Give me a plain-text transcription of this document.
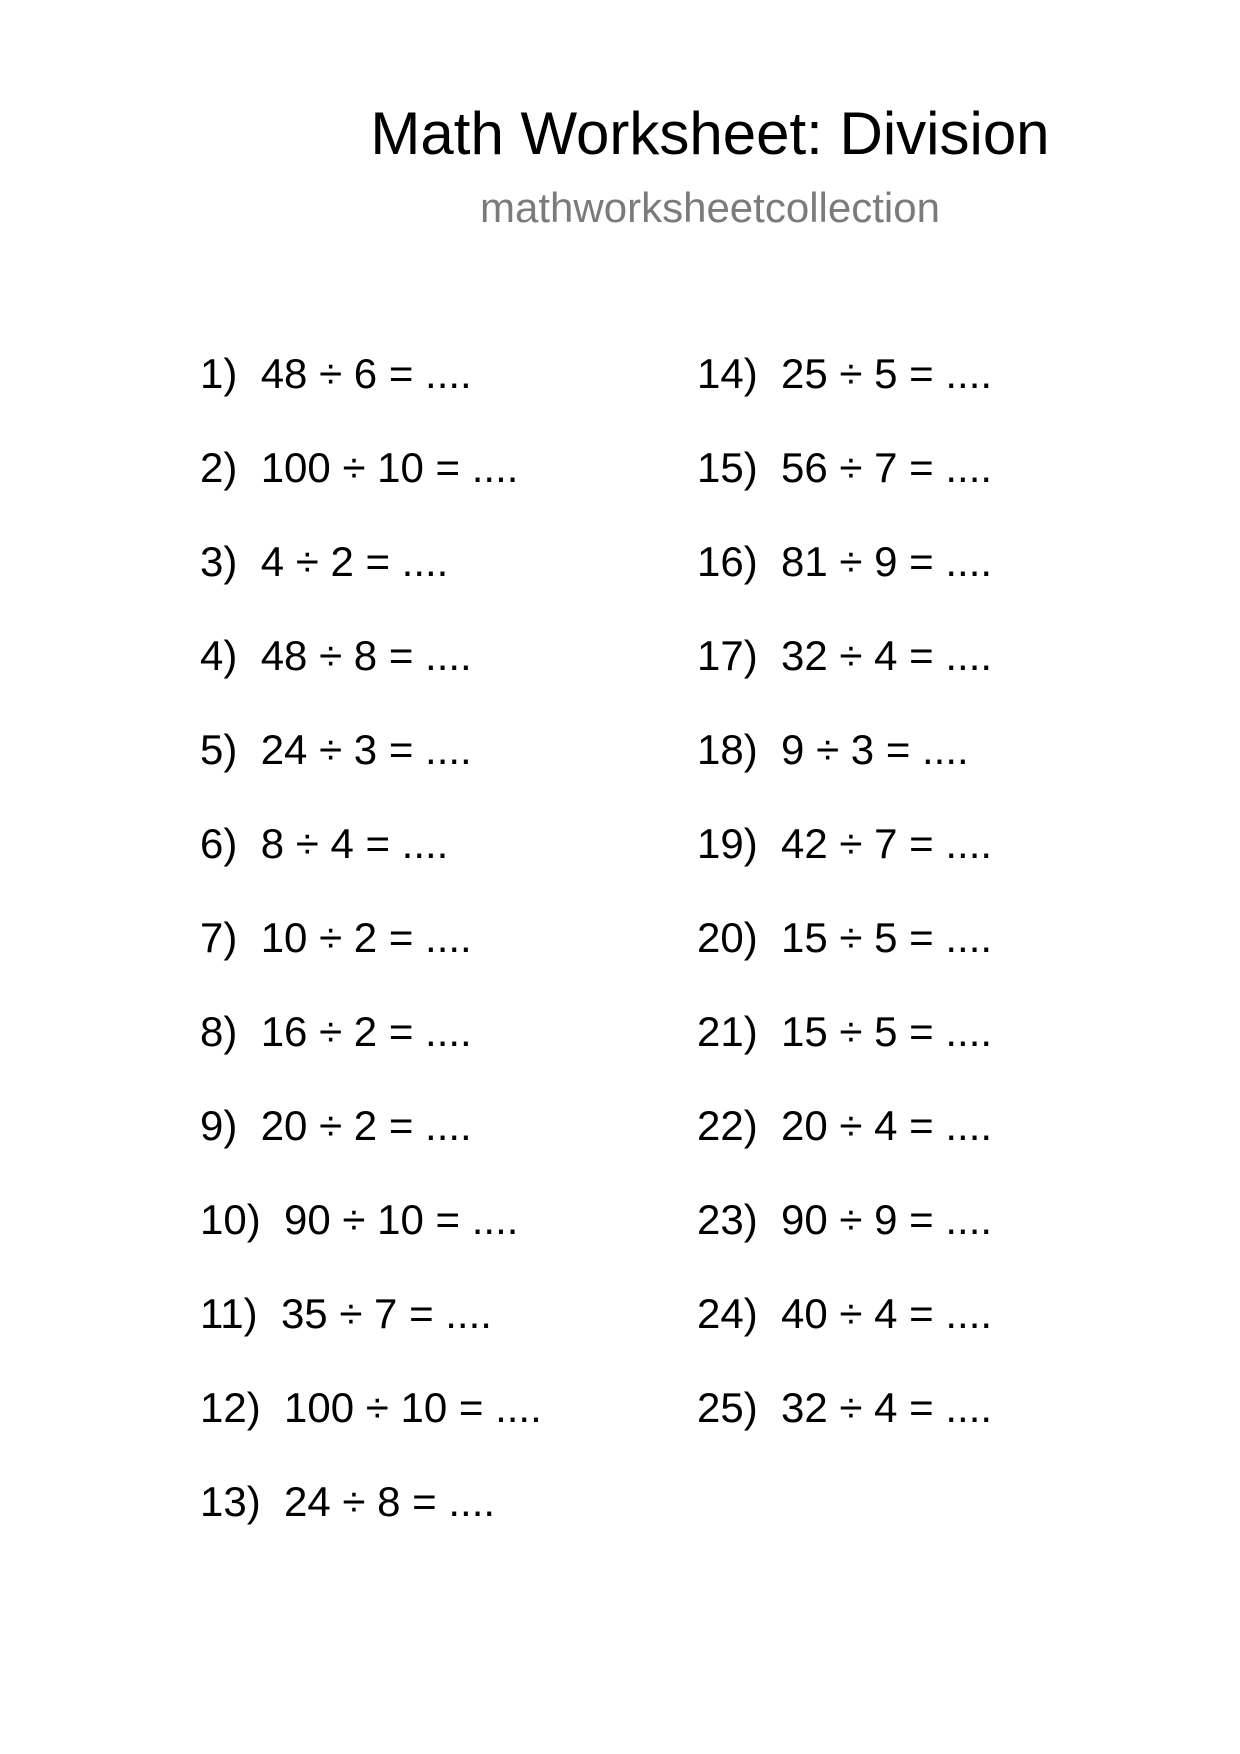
Math Worksheet: Division
mathworksheetcollection
1) 48 ÷ 6 = ....
2) 100 ÷ 10 = ....
3) 4 ÷ 2 = ....
4) 48 ÷ 8 = ....
5) 24 ÷ 3 = ....
6) 8 ÷ 4 = ....
7) 10 ÷ 2 = ....
8) 16 ÷ 2 = ....
9) 20 ÷ 2 = ....
10) 90 ÷ 10 = ....
11) 35 ÷ 7 = ....
12) 100 ÷ 10 = ....
13) 24 ÷ 8 = ....
14) 25 ÷ 5 = ....
15) 56 ÷ 7 = ....
16) 81 ÷ 9 = ....
17) 32 ÷ 4 = ....
18) 9 ÷ 3 = ....
19) 42 ÷ 7 = ....
20) 15 ÷ 5 = ....
21) 15 ÷ 5 = ....
22) 20 ÷ 4 = ....
23) 90 ÷ 9 = ....
24) 40 ÷ 4 = ....
25) 32 ÷ 4 = ....
